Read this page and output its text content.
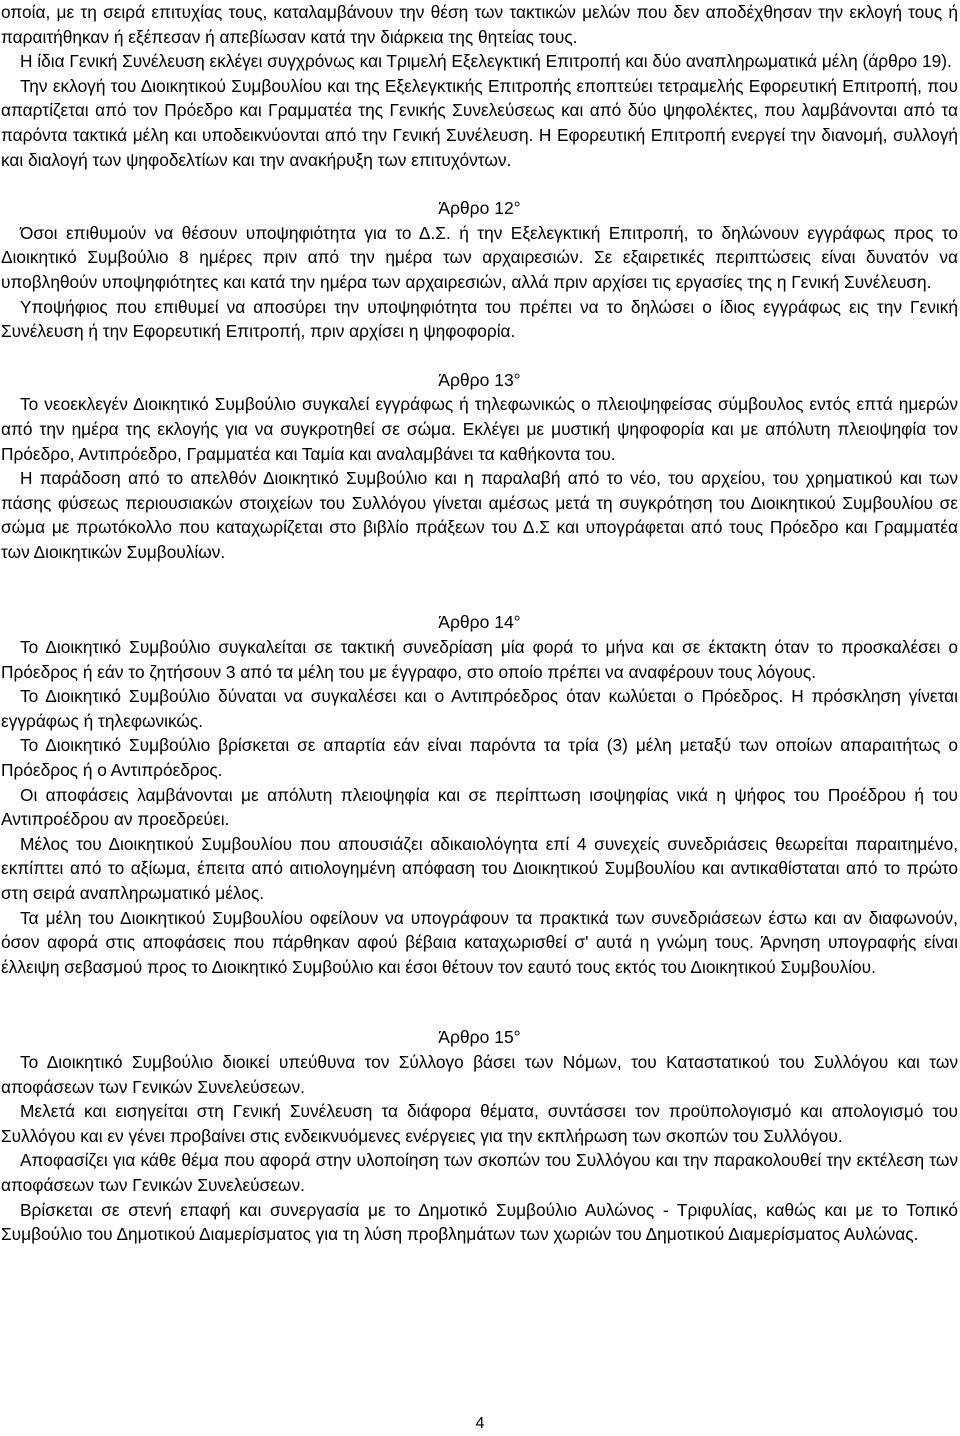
οποία, με τη σειρά επιτυχίας τους, καταλαμβάνουν την θέση των τακτικών μελών που δεν αποδέχθησαν την εκλογή τους ή παραιτήθηκαν ή εξέπεσαν ή απεβίωσαν κατά την διάρκεια της θητείας τους.

Η ίδια Γενική Συνέλευση εκλέγει συγχρόνως και Τριμελή Εξελεγκτική Επιτροπή και δύο αναπληρωματικά μέλη (άρθρο 19).

Την εκλογή του Διοικητικού Συμβουλίου και της Εξελεγκτικής Επιτροπής εποπτεύει τετραμελής Εφορευτική Επιτροπή, που απαρτίζεται από τον Πρόεδρο και Γραμματέα της Γενικής Συνελεύσεως και από δύο ψηφολέκτες, που λαμβάνονται από τα παρόντα τακτικά μέλη και υποδεικνύονται από την Γενική Συνέλευση. Η Εφορευτική Επιτροπή ενεργεί την διανομή, συλλογή και διαλογή των ψηφοδελτίων και την ανακήρυξη των επιτυχόντων.

Άρθρο 12°

Όσοι επιθυμούν να θέσουν υποψηφιότητα για το Δ.Σ. ή την Εξελεγκτική Επιτροπή, το δηλώνουν εγγράφως προς το Διοικητικό Συμβούλιο 8 ημέρες πριν από την ημέρα των αρχαιρεσιών. Σε εξαιρετικές περιπτώσεις είναι δυνατόν να υποβληθούν υποψηφιότητες και κατά την ημέρα των αρχαιρεσιών, αλλά πριν αρχίσει τις εργασίες της η Γενική Συνέλευση.

Υποψήφιος που επιθυμεί να αποσύρει την υποψηφιότητα του πρέπει να το δηλώσει ο ίδιος εγγράφως εις την Γενική Συνέλευση ή την Εφορευτική Επιτροπή, πριν αρχίσει η ψηφοφορία.

Άρθρο 13°

Το νεοεκλεγέν Διοικητικό Συμβούλιο συγκαλεί εγγράφως ή τηλεφωνικώς ο πλειοψηφείσας σύμβουλος εντός επτά ημερών από την ημέρα της εκλογής για να συγκροτηθεί σε σώμα. Εκλέγει με μυστική ψηφοφορία και με απόλυτη πλειοψηφία τον Πρόεδρο, Αντιπρόεδρο, Γραμματέα και Ταμία και αναλαμβάνει τα καθήκοντα του.

Η παράδοση από το απελθόν Διοικητικό Συμβούλιο και η παραλαβή από το νέο, του αρχείου, του χρηματικού και των πάσης φύσεως περιουσιακών στοιχείων του Συλλόγου γίνεται αμέσως μετά τη συγκρότηση του Διοικητικού Συμβουλίου σε σώμα με πρωτόκολλο που καταχωρίζεται στο βιβλίο πράξεων του Δ.Σ και υπογράφεται από τους Πρόεδρο και Γραμματέα των Διοικητικών Συμβουλίων.

Άρθρο 14°

Το Διοικητικό Συμβούλιο συγκαλείται σε τακτική συνεδρίαση μία φορά το μήνα και σε έκτακτη όταν το προσκαλέσει ο Πρόεδρος ή εάν το ζητήσουν 3 από τα μέλη του με έγγραφο, στο οποίο πρέπει να αναφέρουν τους λόγους.

Το Διοικητικό Συμβούλιο δύναται να συγκαλέσει και ο Αντιπρόεδρος όταν κωλύεται ο Πρόεδρος. Η πρόσκληση γίνεται εγγράφως ή τηλεφωνικώς.

Το Διοικητικό Συμβούλιο βρίσκεται σε απαρτία εάν είναι παρόντα τα τρία (3) μέλη μεταξύ των οποίων απαραιτήτως ο Πρόεδρος ή ο Αντιπρόεδρος.

Οι αποφάσεις λαμβάνονται με απόλυτη πλειοψηφία και σε περίπτωση ισοψηφίας νικά η ψήφος του Προέδρου ή του Αντιπροέδρου αν προεδρεύει.

Μέλος του Διοικητικού Συμβουλίου που απουσιάζει αδικαιολόγητα επί 4 συνεχείς συνεδριάσεις θεωρείται παραιτημένο, εκπίπτει από το αξίωμα, έπειτα από αιτιολογημένη απόφαση του Διοικητικού Συμβουλίου και αντικαθίσταται από το πρώτο στη σειρά αναπληρωματικό μέλος.

Τα μέλη του Διοικητικού Συμβουλίου οφείλουν να υπογράφουν τα πρακτικά των συνεδριάσεων έστω και αν διαφωνούν, όσον αφορά στις αποφάσεις που πάρθηκαν αφού βέβαια καταχωρισθεί σ' αυτά η γνώμη τους. Άρνηση υπογραφής είναι έλλειψη σεβασμού προς το Διοικητικό Συμβούλιο και έσοι θέτουν τον εαυτό τους εκτός του Διοικητικού Συμβουλίου.

Άρθρο 15°

Το Διοικητικό Συμβούλιο διοικεί υπεύθυνα τον Σύλλογο βάσει των Νόμων, του Καταστατικού του Συλλόγου και των αποφάσεων των Γενικών Συνελεύσεων.

Μελετά και εισηγείται στη Γενική Συνέλευση τα διάφορα θέματα, συντάσσει τον προϋπολογισμό και απολογισμό του Συλλόγου και εν γένει προβαίνει στις ενδεικνυόμενες ενέργειες για την εκπλήρωση των σκοπών του Συλλόγου.

Αποφασίζει για κάθε θέμα που αφορά στην υλοποίηση των σκοπών του Συλλόγου και την παρακολουθεί την εκτέλεση των αποφάσεων των Γενικών Συνελεύσεων.

Βρίσκεται σε στενή επαφή και συνεργασία με το Δημοτικό Συμβούλιο Αυλώνος - Τριφυλίας, καθώς και με το Τοπικό Συμβούλιο του Δημοτικού Διαμερίσματος για τη λύση προβλημάτων των χωριών του Δημοτικού Διαμερίσματος Αυλώνας.

4
